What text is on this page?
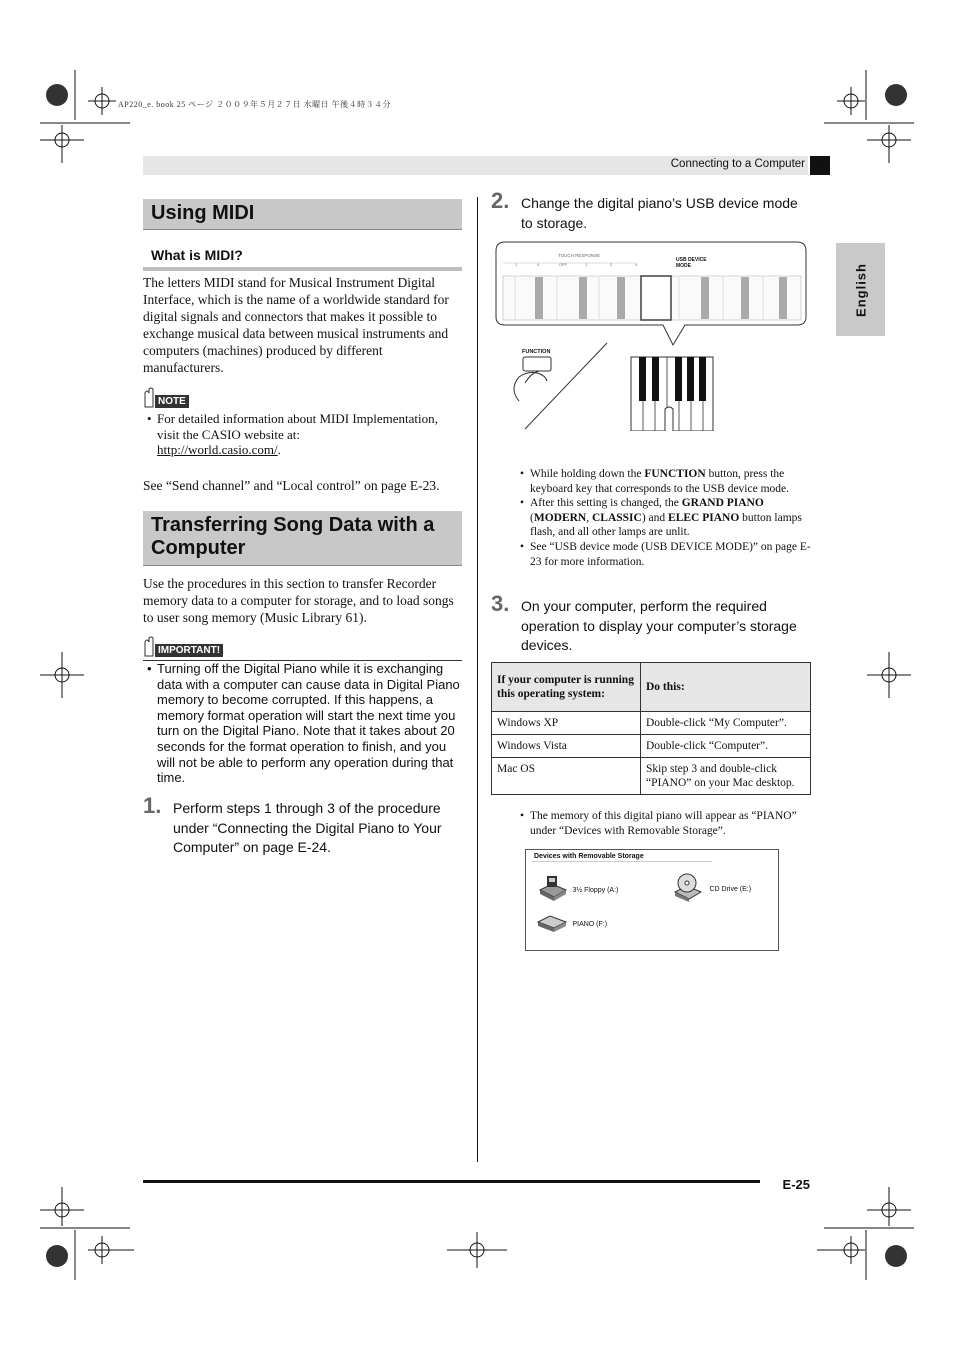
AP220_e. book 25 ページ ２００９年５月２７日 水曜日 午後４時３４分
Connecting to a Computer
English
Using MIDI
What is MIDI?
The letters MIDI stand for Musical Instrument Digital Interface, which is the name of a worldwide standard for digital signals and connectors that makes it possible to exchange musical data between musical instruments and computers (machines) produced by different manufacturers.
NOTE
• For detailed information about MIDI Implementation, visit the CASIO website at:
http://world.casio.com/.
See “Send channel” and “Local control” on page E-23.
Transferring Song Data with a Computer
Use the procedures in this section to transfer Recorder memory data to a computer for storage, and to load songs to user song memory (Music Library 61).
IMPORTANT!
• Turning off the Digital Piano while it is exchanging data with a computer can cause data in Digital Piano memory to become corrupted. If this happens, a memory format operation will start the next time you turn on the Digital Piano. Note that it takes about 20 seconds for the format operation to finish, and you will not be able to perform any operation during that time.
1. Perform steps 1 through 3 of the procedure under “Connecting the Digital Piano to Your Computer” on page E-24.
2. Change the digital piano’s USB device mode to storage.
TOUCH RESPONSE
1	4	OFF	1	2	3
USB DEVICE
MODE
FUNCTION
• While holding down the FUNCTION button, press the keyboard key that corresponds to the USB device mode.
• After this setting is changed, the GRAND PIANO (MODERN, CLASSIC) and ELEC PIANO button lamps flash, and all other lamps are unlit.
• See “USB device mode (USB DEVICE MODE)” on page E-23 for more information.
3. On your computer, perform the required operation to display your computer’s storage devices.
If your computer is running this operating system:	Do this:
Windows XP	Double-click “My Computer”.
Windows Vista	Double-click “Computer”.
Mac OS	Skip step 3 and double-click “PIANO” on your Mac desktop.
• The memory of this digital piano will appear as “PIANO” under “Devices with Removable Storage”.
Devices with Removable Storage
3½ Floppy (A:)	CD Drive (E:)
PIANO (F:)
E-25
